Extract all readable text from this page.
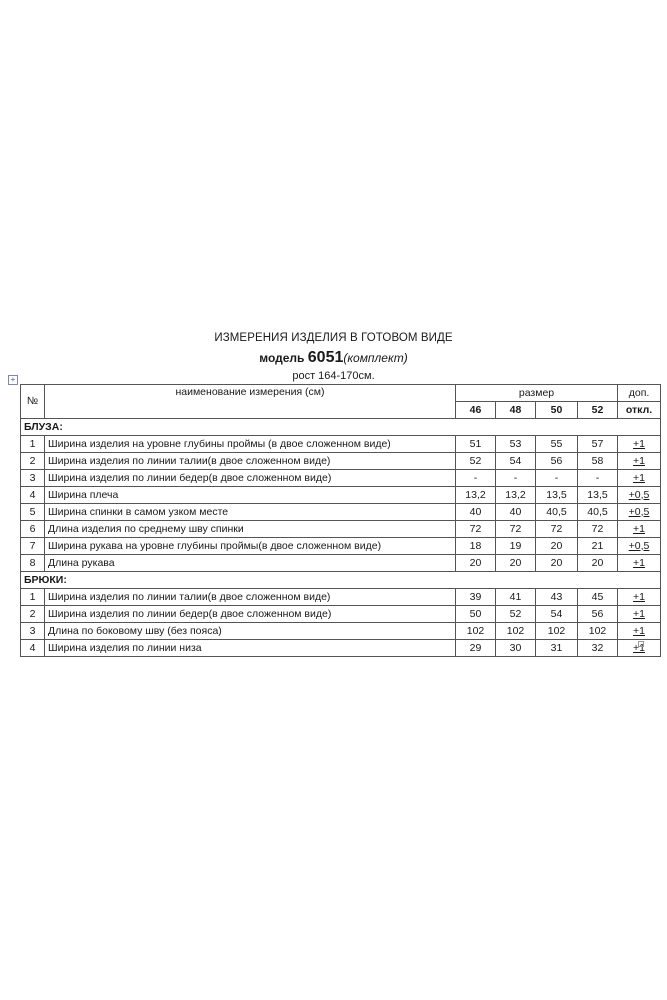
ИЗМЕРЕНИЯ ИЗДЕЛИЯ В ГОТОВОМ ВИДЕ
модель 6051(комплект)
рост 164-170см.
+
№	наименование измерения (см)	размер				доп.
		46	48	50	52	откл.
БЛУЗА:						
1	Ширина изделия на уровне глубины проймы (в двое сложенном виде)	51	53	55	57	+1
2	Ширина изделия по линии талии(в двое сложенном виде)	52	54	56	58	+1
3	Ширина изделия по линии бедер(в двое сложенном виде)	-	-	-	-	+1
4	Ширина плеча	13,2	13,2	13,5	13,5	+0,5
5	Ширина спинки в самом узком месте	40	40	40,5	40,5	+0,5
6	Длина изделия по среднему шву спинки	72	72	72	72	+1
7	Ширина рукава на уровне глубины проймы(в двое сложенном виде)	18	19	20	21	+0,5
8	Длина рукава	20	20	20	20	+1
БРЮКИ:						
1	Ширина изделия по линии талии(в двое сложенном виде)	39	41	43	45	+1
2	Ширина изделия по линии бедер(в двое сложенном виде)	50	52	54	56	+1
3	Длина по боковому шву (без пояса)	102	102	102	102	+1
4	Ширина изделия по линии низа	29	30	31	32	+1
